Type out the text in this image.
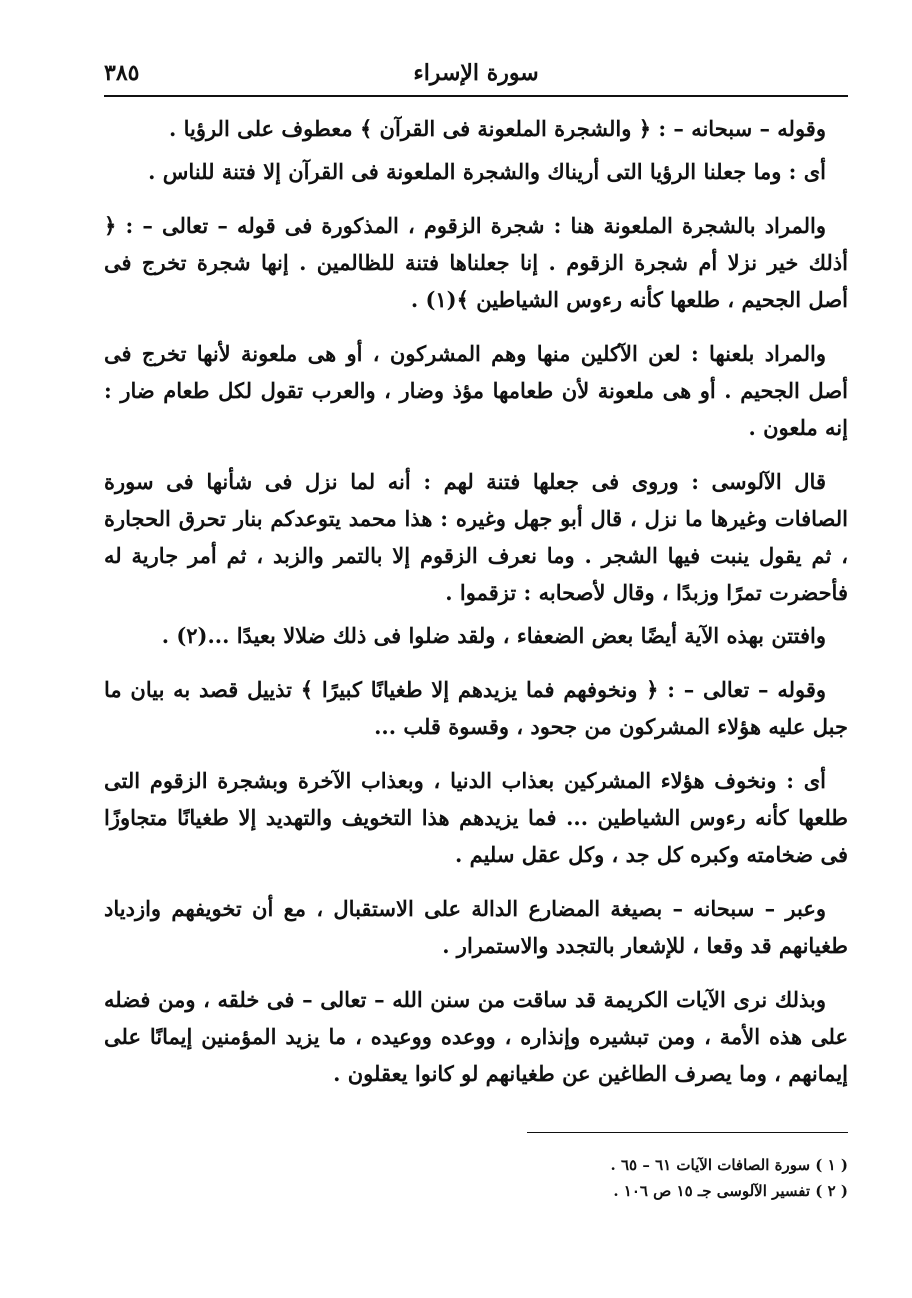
سورة الإسراء
٣٨٥

وقوله – سبحانه – : ﴿ والشجرة الملعونة فى القرآن ﴾ معطوف على الرؤيا .

أى : وما جعلنا الرؤيا التى أريناك والشجرة الملعونة فى القرآن إلا فتنة للناس .

والمراد بالشجرة الملعونة هنا : شجرة الزقوم ، المذكورة فى قوله – تعالى – : ﴿ أذلك خير نزلا أم شجرة الزقوم . إنا جعلناها فتنة للظالمين . إنها شجرة تخرج فى أصل الجحيم ، طلعها كأنه رءوس الشياطين ﴾(١) .

والمراد بلعنها : لعن الآكلين منها وهم المشركون ، أو هى ملعونة لأنها تخرج فى أصل الجحيم . أو هى ملعونة لأن طعامها مؤذ وضار ، والعرب تقول لكل طعام ضار : إنه ملعون .

قال الآلوسى : وروى فى جعلها فتنة لهم : أنه لما نزل فى شأنها فى سورة الصافات وغيرها ما نزل ، قال أبو جهل وغيره : هذا محمد يتوعدكم بنار تحرق الحجارة ، ثم يقول ينبت فيها الشجر . وما نعرف الزقوم إلا بالتمر والزبد ، ثم أمر جارية له فأحضرت تمرًا وزبدًا ، وقال لأصحابه : تزقموا .

وافتتن بهذه الآية أيضًا بعض الضعفاء ، ولقد ضلوا فى ذلك ضلالا بعيدًا ...(٢) .

وقوله – تعالى – : ﴿ ونخوفهم فما يزيدهم إلا طغيانًا كبيرًا ﴾ تذييل قصد به بيان ما جبل عليه هؤلاء المشركون من جحود ، وقسوة قلب ...

أى : ونخوف هؤلاء المشركين بعذاب الدنيا ، وبعذاب الآخرة وبشجرة الزقوم التى طلعها كأنه رءوس الشياطين ... فما يزيدهم هذا التخويف والتهديد إلا طغيانًا متجاوزًا فى ضخامته وكبره كل جد ، وكل عقل سليم .

وعبر – سبحانه – بصيغة المضارع الدالة على الاستقبال ، مع أن تخويفهم وازدياد طغيانهم قد وقعا ، للإشعار بالتجدد والاستمرار .

وبذلك نرى الآيات الكريمة قد ساقت من سنن الله – تعالى – فى خلقه ، ومن فضله على هذه الأمة ، ومن تبشيره وإنذاره ، ووعده ووعيده ، ما يزيد المؤمنين إيمانًا على إيمانهم ، وما يصرف الطاغين عن طغيانهم لو كانوا يعقلون .

( ١ ) سورة الصافات الآيات ٦١ – ٦٥ .
( ٢ ) تفسير الآلوسى جـ ١٥ ص ١٠٦ .
